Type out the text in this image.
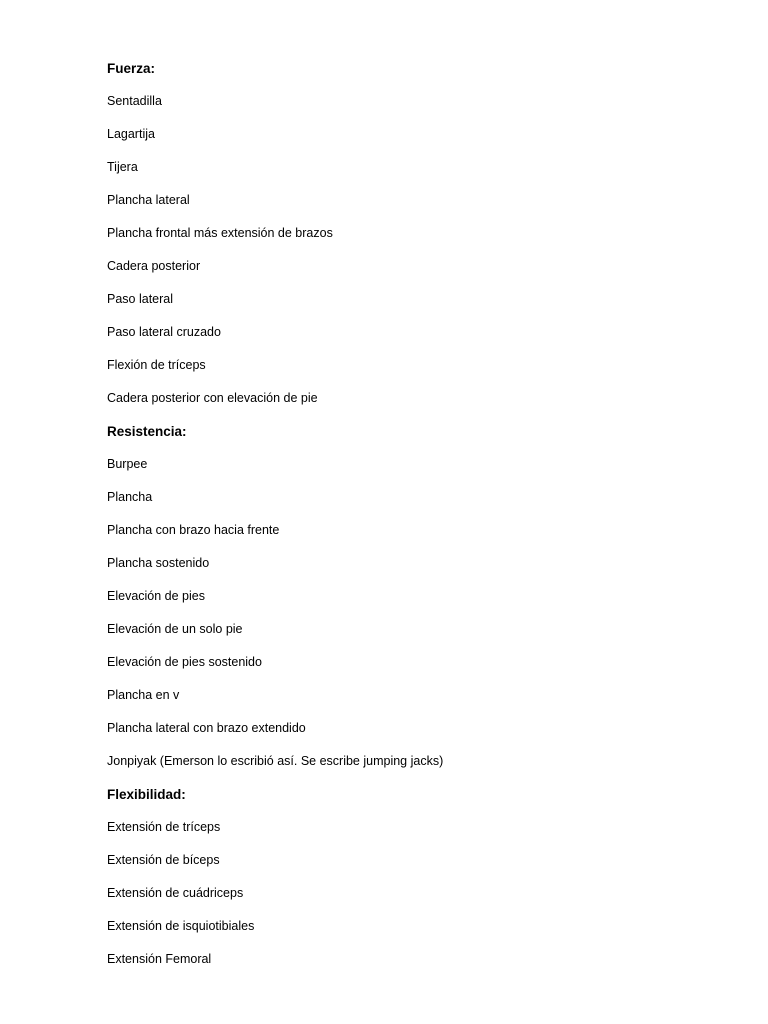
Fuerza:
Sentadilla
Lagartija
Tijera
Plancha lateral
Plancha frontal más extensión de brazos
Cadera posterior
Paso lateral
Paso lateral cruzado
Flexión de tríceps
Cadera posterior con elevación de pie
Resistencia:
Burpee
Plancha
Plancha con brazo hacia frente
Plancha sostenido
Elevación de pies
Elevación de un solo pie
Elevación de pies sostenido
Plancha en v
Plancha lateral con brazo extendido
Jonpiyak (Emerson lo escribió así. Se escribe jumping jacks)
Flexibilidad:
Extensión de tríceps
Extensión de bíceps
Extensión de cuádriceps
Extensión de isquiotibiales
Extensión Femoral
